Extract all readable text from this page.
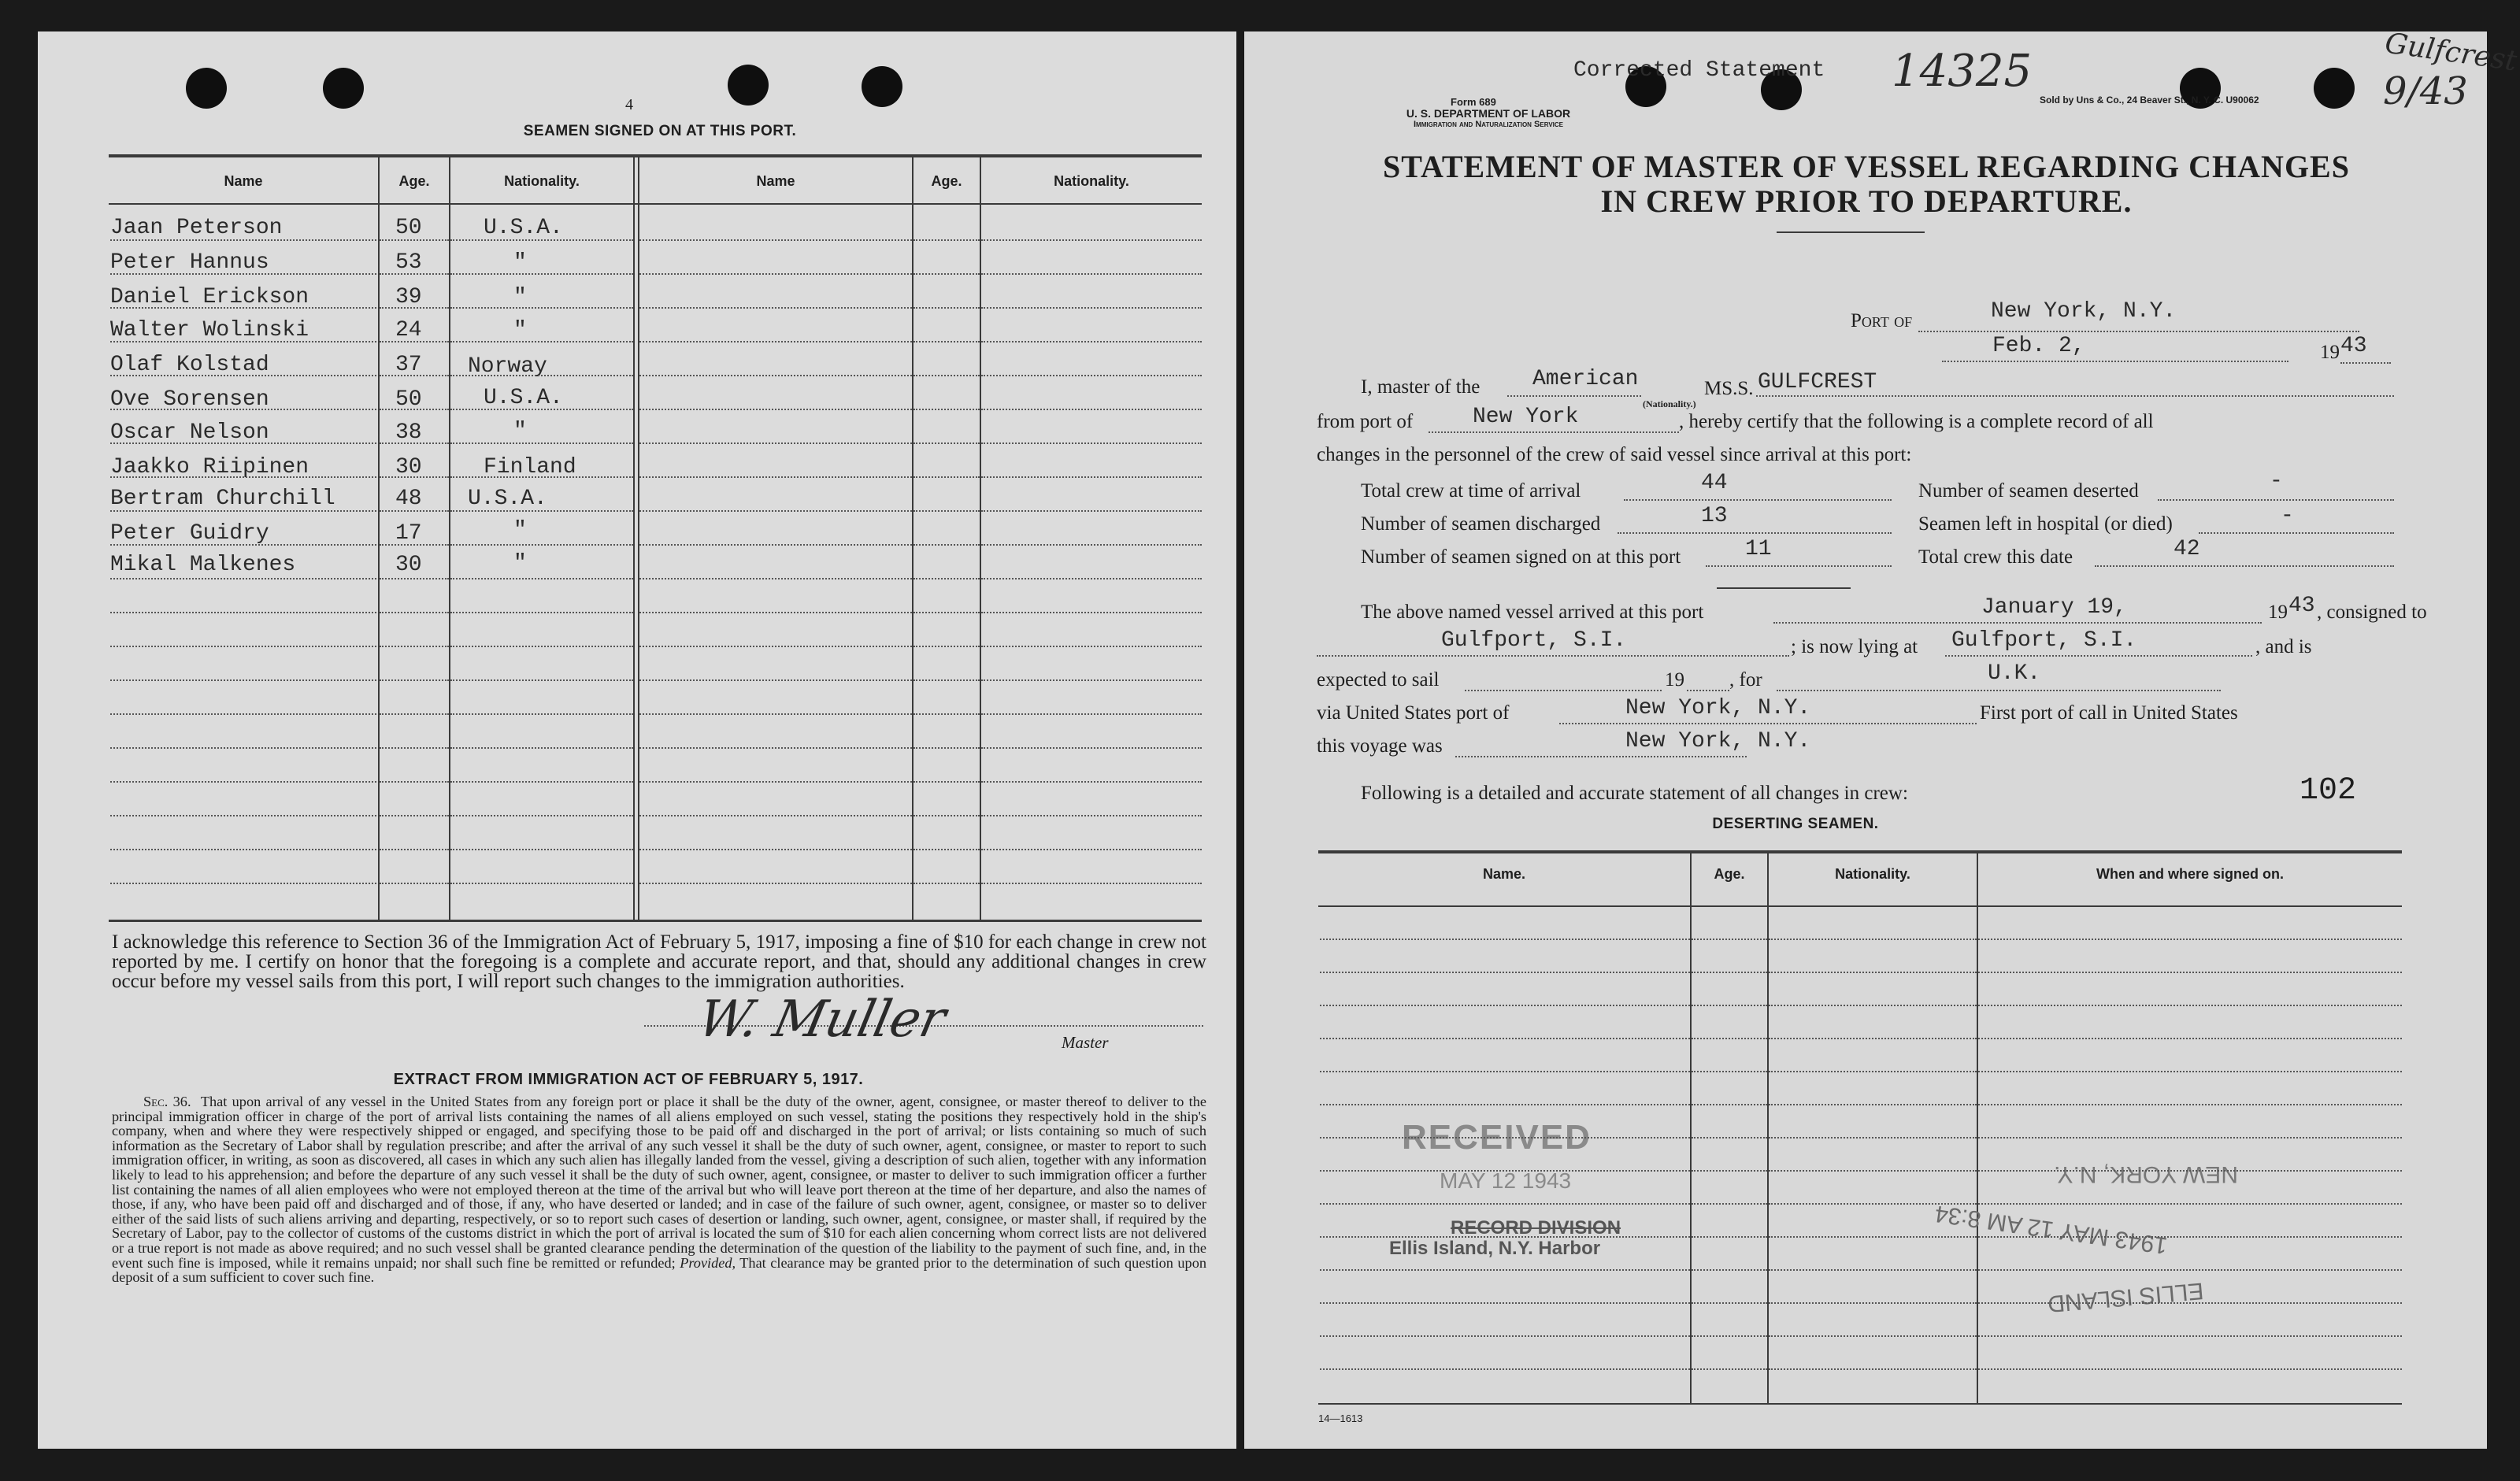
4
SEAMEN SIGNED ON AT THIS PORT.
Name	Age.	Nationality.	Name	Age.	Nationality.
Jaan Peterson	50	U.S.A.
Peter Hannus	53	"
Daniel Erickson	39	"
Walter Wolinski	24	"
Olaf Kolstad	37 Norway
Ove Sorensen	50	U.S.A.
Oscar Nelson	38	"
Jaakko Riipinen	30	Finland
Bertram Churchill	48 U.S.A.
Peter Guidry	17	"
Mikal Malkenes	30	"
I acknowledge this reference to Section 36 of the Immigration Act of February 5, 1917, imposing a fine of $10 for each change in crew not reported by me. I certify on honor that the foregoing is a complete and accurate report, and that, should any additional changes in crew occur before my vessel sails from this port, I will report such changes to the immigration authorities.
W. Muller	Master
EXTRACT FROM IMMIGRATION ACT OF FEBRUARY 5, 1917.
Sec. 36. That upon arrival of any vessel in the United States from any foreign port or place it shall be the duty of the owner, agent, consignee, or master thereof to deliver to the principal immigration officer in charge of the port of arrival lists containing the names of all aliens employed on such vessel, stating the positions they respectively hold in the ship's company, when and where they were respectively shipped or engaged, and specifying those to be paid off and discharged in the port of arrival; or lists containing so much of such information as the Secretary of Labor shall by regulation prescribe; and after the arrival of any such vessel it shall be the duty of such owner, agent, consignee, or master to report to such immigration officer, in writing, as soon as discovered, all cases in which any such alien has illegally landed from the vessel, giving a description of such alien, together with any information likely to lead to his apprehension; and before the departure of any such vessel it shall be the duty of such owner, agent, consignee, or master to deliver to such immigration officer a further list containing the names of all alien employees who were not employed thereon at the time of the arrival but who will leave port thereon at the time of her departure, and also the names of those, if any, who have been paid off and discharged and of those, if any, who have deserted or landed; and in case of the failure of such owner, agent, consignee, or master so to deliver either of the said lists of such aliens arriving and departing, respectively, or so to report such cases of desertion or landing, such owner, agent, consignee, or master shall, if required by the Secretary of Labor, pay to the collector of customs of the customs district in which the port of arrival is located the sum of $10 for each alien concerning whom correct lists are not delivered or a true report is not made as above required; and no such vessel shall be granted clearance pending the determination of the question of the liability to the payment of such fine, and, in the event such fine is imposed, while it remains unpaid; nor shall such fine be remitted or refunded; Provided, That clearance may be granted prior to the determination of such question upon deposit of a sum sufficient to cover such fine.
Corrected Statement 14325	Gulfcrest
9/43
Form 689
U. S. DEPARTMENT OF LABOR
Immigration and Naturalization Service
Sold by Uns & Co., 24 Beaver St., N. Y. C. U90062
STATEMENT OF MASTER OF VESSEL REGARDING CHANGES
IN CREW PRIOR TO DEPARTURE.
Port of	New York, N.Y.
Feb. 2,	19 43
I, master of the American
(Nationality.)
MS.S. GULFCREST
from port of	New York	, hereby certify that the following is a complete record of all
changes in the personnel of the crew of said vessel since arrival at this port:
Total crew at time of arrival	44	Number of seamen deserted	-
Number of seamen discharged	13	Seamen left in hospital (or died)	-
Number of seamen signed on at this port	11	Total crew this date	42
The above named vessel arrived at this port	January 19,	19 43 , consigned to
Gulfport, S.I.	; is now lying at Gulfport, S.I.	, and is
expected to sail	19 , for	U.K.
via United States port of	New York, N.Y.	First port of call in United States
this voyage was	New York, N.Y.
Following is a detailed and accurate statement of all changes in crew:	102
DESERTING SEAMEN.
Name.	Age.	Nationality.	When and where signed on.
RECEIVED
MAY 12 1943
RECORD DIVISION
Ellis Island, N.Y. Harbor
NEW YORK, N.Y.
1943 MAY 12 AM 8:34
ELLIS ISLAND
14—1613
